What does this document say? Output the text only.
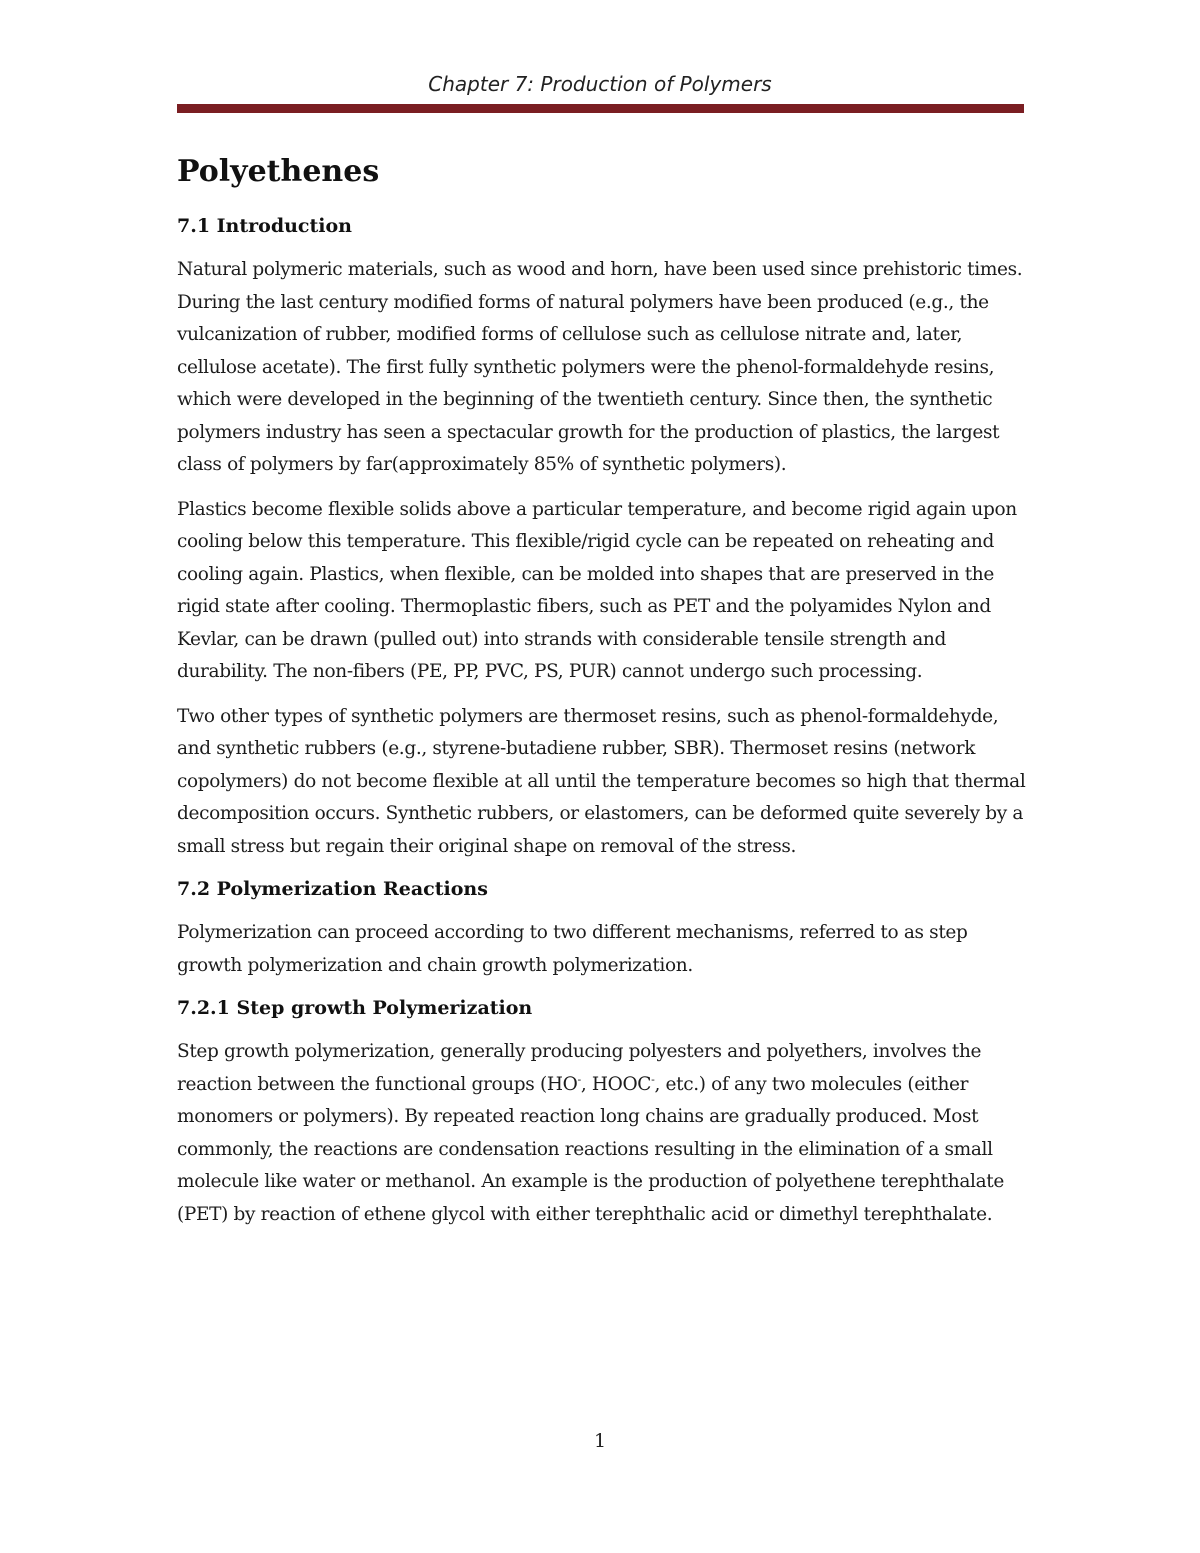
Chapter 7: Production of Polymers
Polyethenes
7.1 Introduction

Natural polymeric materials, such as wood and horn, have been used since prehistoric times. During the last century modified forms of natural polymers have been produced (e.g., the vulcanization of rubber, modified forms of cellulose such as cellulose nitrate and, later, cellulose acetate). The first fully synthetic polymers were the phenol-formaldehyde resins, which were developed in the beginning of the twentieth century. Since then, the synthetic polymers industry has seen a spectacular growth for the production of plastics, the largest class of polymers by far(approximately 85% of synthetic polymers).

Plastics become flexible solids above a particular temperature, and become rigid again upon cooling below this temperature. This flexible/rigid cycle can be repeated on reheating and cooling again. Plastics, when flexible, can be molded into shapes that are preserved in the rigid state after cooling. Thermoplastic fibers, such as PET and the polyamides Nylon and Kevlar, can be drawn (pulled out) into strands with considerable tensile strength and durability. The non-fibers (PE, PP, PVC, PS, PUR) cannot undergo such processing.

Two other types of synthetic polymers are thermoset resins, such as phenol-formaldehyde, and synthetic rubbers (e.g., styrene-butadiene rubber, SBR). Thermoset resins (network copolymers) do not become flexible at all until the temperature becomes so high that thermal decomposition occurs. Synthetic rubbers, or elastomers, can be deformed quite severely by a small stress but regain their original shape on removal of the stress.

7.2 Polymerization Reactions

Polymerization can proceed according to two different mechanisms, referred to as step growth polymerization and chain growth polymerization.

7.2.1 Step growth Polymerization

Step growth polymerization, generally producing polyesters and polyethers, involves the reaction between the functional groups (HO-, HOOC-, etc.) of any two molecules (either monomers or polymers). By repeated reaction long chains are gradually produced. Most commonly, the reactions are condensation reactions resulting in the elimination of a small molecule like water or methanol. An example is the production of polyethene terephthalate (PET) by reaction of ethene glycol with either terephthalic acid or dimethyl terephthalate.

1
